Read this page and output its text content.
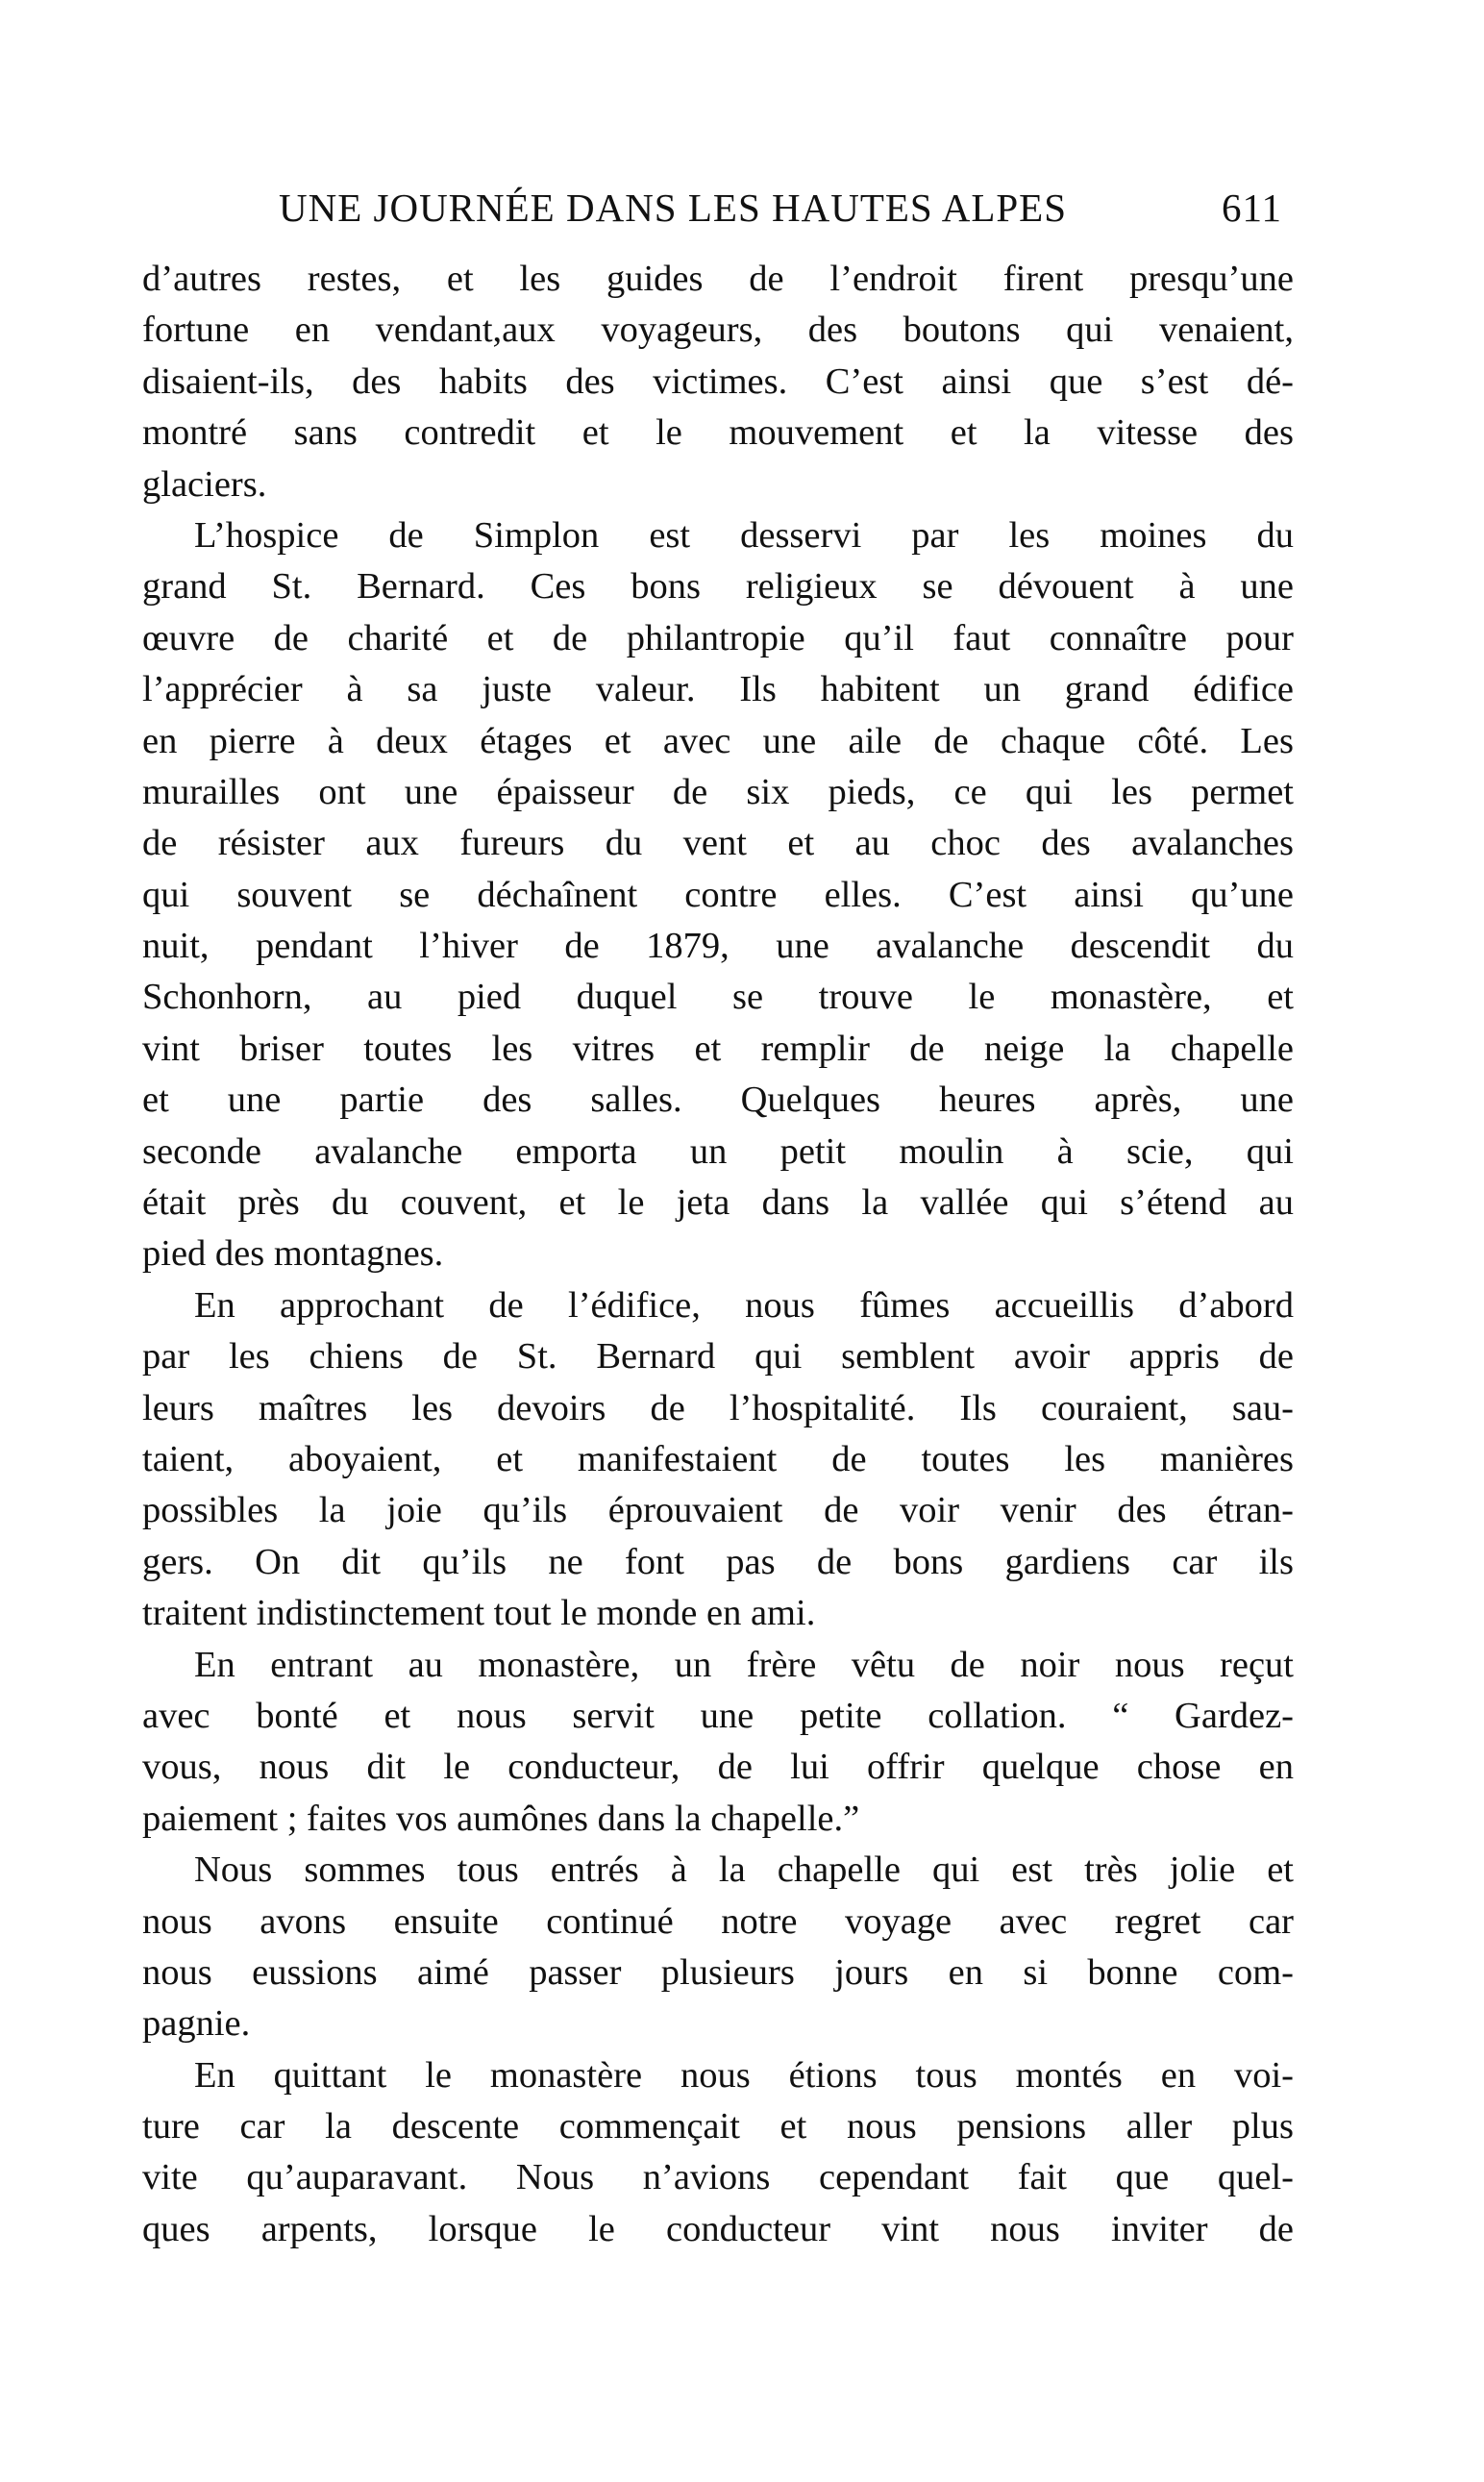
UNE JOURNÉE DANS LES HAUTES ALPES	611
d’autres restes, et les guides de l’endroit firent presqu’une
fortune en vendant,aux voyageurs, des boutons qui venaient,
disaient-ils, des habits des victimes. C’est ainsi que s’est dé-
montré sans contredit et le mouvement et la vitesse des
glaciers.
L’hospice de Simplon est desservi par les moines du
grand St. Bernard. Ces bons religieux se dévouent à une
œuvre de charité et de philantropie qu’il faut connaître pour
l’apprécier à sa juste valeur. Ils habitent un grand édifice
en pierre à deux étages et avec une aile de chaque côté. Les
murailles ont une épaisseur de six pieds, ce qui les permet
de résister aux fureurs du vent et au choc des avalanches
qui souvent se déchaînent contre elles. C’est ainsi qu’une
nuit, pendant l’hiver de 1879, une avalanche descendit du
Schonhorn, au pied duquel se trouve le monastère, et
vint briser toutes les vitres et remplir de neige la chapelle
et une partie des salles. Quelques heures après, une
seconde avalanche emporta un petit moulin à scie, qui
était près du couvent, et le jeta dans la vallée qui s’étend au
pied des montagnes.
En approchant de l’édifice, nous fûmes accueillis d’abord
par les chiens de St. Bernard qui semblent avoir appris de
leurs maîtres les devoirs de l’hospitalité. Ils couraient, sau-
taient, aboyaient, et manifestaient de toutes les manières
possibles la joie qu’ils éprouvaient de voir venir des étran-
gers. On dit qu’ils ne font pas de bons gardiens car ils
traitent indistinctement tout le monde en ami.
En entrant au monastère, un frère vêtu de noir nous reçut
avec bonté et nous servit une petite collation. “ Gardez-
vous, nous dit le conducteur, de lui offrir quelque chose en
paiement ; faites vos aumônes dans la chapelle.”
Nous sommes tous entrés à la chapelle qui est très jolie et
nous avons ensuite continué notre voyage avec regret car
nous eussions aimé passer plusieurs jours en si bonne com-
pagnie.
En quittant le monastère nous étions tous montés en voi-
ture car la descente commençait et nous pensions aller plus
vite qu’auparavant. Nous n’avions cependant fait que quel-
ques arpents, lorsque le conducteur vint nous inviter de
